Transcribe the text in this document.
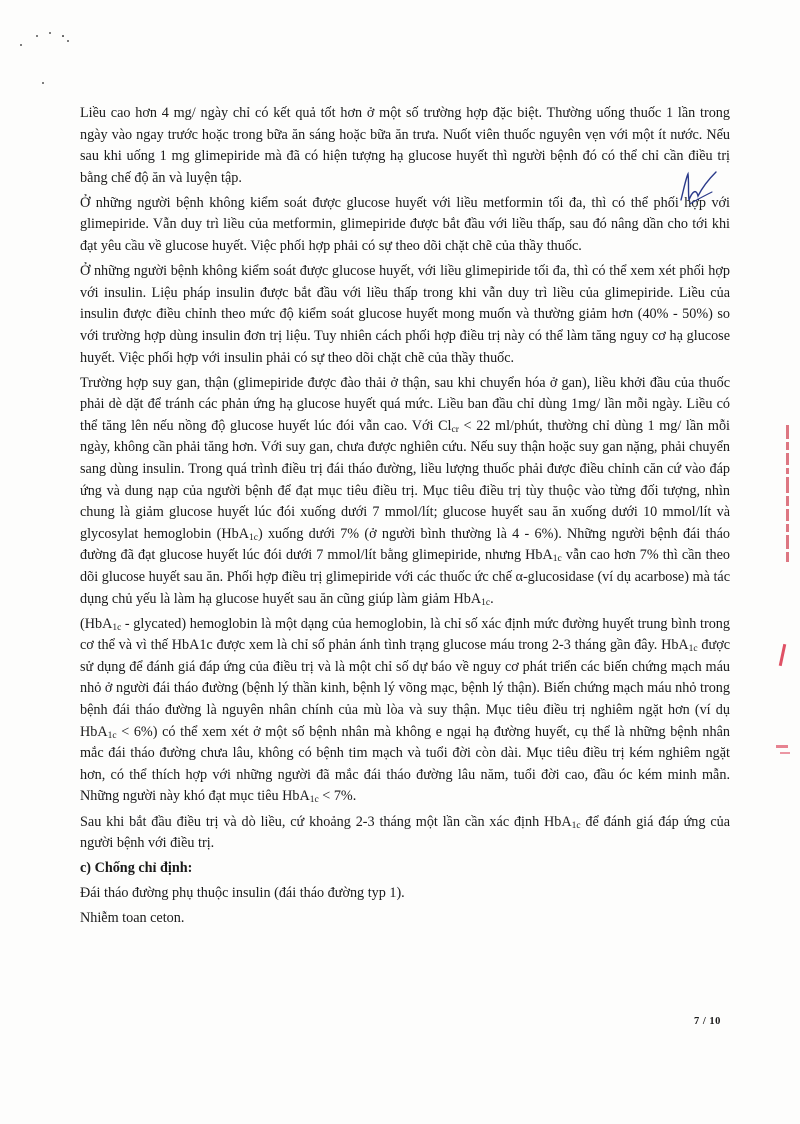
Liều cao hơn 4 mg/ ngày chỉ có kết quả tốt hơn ở một số trường hợp đặc biệt. Thường uống thuốc 1 lần trong ngày vào ngay trước hoặc trong bữa ăn sáng hoặc bữa ăn trưa. Nuốt viên thuốc nguyên vẹn với một ít nước. Nếu sau khi uống 1 mg glimepiride mà đã có hiện tượng hạ glucose huyết thì người bệnh đó có thể chỉ cần điều trị bằng chế độ ăn và luyện tập.

Ở những người bệnh không kiểm soát được glucose huyết với liều metformin tối đa, thì có thể phối hợp với glimepiride. Vẫn duy trì liều của metformin, glimepiride được bắt đầu với liều thấp, sau đó nâng dần cho tới khi đạt yêu cầu về glucose huyết. Việc phối hợp phải có sự theo dõi chặt chẽ của thầy thuốc.

Ở những người bệnh không kiểm soát được glucose huyết, với liều glimepiride tối đa, thì có thể xem xét phối hợp với insulin. Liệu pháp insulin được bắt đầu với liều thấp trong khi vẫn duy trì liều của glimepiride. Liều của insulin được điều chỉnh theo mức độ kiểm soát glucose huyết mong muốn và thường giảm hơn (40% - 50%) so với trường hợp dùng insulin đơn trị liệu. Tuy nhiên cách phối hợp điều trị này có thể làm tăng nguy cơ hạ glucose huyết. Việc phối hợp với insulin phải có sự theo dõi chặt chẽ của thầy thuốc.

Trường hợp suy gan, thận (glimepiride được đào thải ở thận, sau khi chuyển hóa ở gan), liều khởi đầu của thuốc phải dè dặt để tránh các phản ứng hạ glucose huyết quá mức. Liều ban đầu chỉ dùng 1mg/ lần mỗi ngày. Liều có thể tăng lên nếu nồng độ glucose huyết lúc đói vẫn cao. Với $Cl_{cr} < 22$ ml/phút, thường chỉ dùng 1 mg/ lần mỗi ngày, không cần phải tăng hơn. Với suy gan, chưa được nghiên cứu. Nếu suy thận hoặc suy gan nặng, phải chuyển sang dùng insulin. Trong quá trình điều trị đái tháo đường, liều lượng thuốc phải được điều chỉnh căn cứ vào đáp ứng và dung nạp của người bệnh để đạt mục tiêu điều trị. Mục tiêu điều trị tùy thuộc vào từng đối tượng, nhìn chung là giảm glucose huyết lúc đói xuống dưới 7 mmol/lít; glucose huyết sau ăn xuống dưới 10 mmol/lít và glycosylat hemoglobin (HbA$_{1c}$) xuống dưới 7% (ở người bình thường là 4 - 6%). Những người bệnh đái tháo đường đã đạt glucose huyết lúc đói dưới 7 mmol/lít bằng glimepiride, nhưng HbA$_{1c}$ vẫn cao hơn 7% thì cần theo dõi glucose huyết sau ăn. Phối hợp điều trị glimepiride với các thuốc ức chế α-glucosidase (ví dụ acarbose) mà tác dụng chủ yếu là làm hạ glucose huyết sau ăn cũng giúp làm giảm HbA$_{1c}$.

(HbA$_{1c}$ - glycated) hemoglobin là một dạng của hemoglobin, là chỉ số xác định mức đường huyết trung bình trong cơ thể và vì thế HbA1c được xem là chỉ số phản ánh tình trạng glucose máu trong 2-3 tháng gần đây. HbA$_{1c}$ được sử dụng để đánh giá đáp ứng của điều trị và là một chỉ số dự báo về nguy cơ phát triển các biến chứng mạch máu nhỏ ở người đái tháo đường (bệnh lý thần kinh, bệnh lý võng mạc, bệnh lý thận). Biến chứng mạch máu nhỏ trong bệnh đái tháo đường là nguyên nhân chính của mù lòa và suy thận. Mục tiêu điều trị nghiêm ngặt hơn (ví dụ HbA$_{1c}$ < 6%) có thể xem xét ở một số bệnh nhân mà không e ngại hạ đường huyết, cụ thể là những bệnh nhân mắc đái tháo đường chưa lâu, không có bệnh tim mạch và tuổi đời còn dài. Mục tiêu điều trị kém nghiêm ngặt hơn, có thể thích hợp với những người đã mắc đái tháo đường lâu năm, tuổi đời cao, đầu óc kém minh mẫn. Những người này khó đạt mục tiêu HbA$_{1c}$ < 7%.

Sau khi bắt đầu điều trị và dò liều, cứ khoảng 2-3 tháng một lần cần xác định HbA$_{1c}$ để đánh giá đáp ứng của người bệnh với điều trị.

c) Chống chỉ định:

Đái tháo đường phụ thuộc insulin (đái tháo đường typ 1).

Nhiễm toan ceton.

7 / 10
